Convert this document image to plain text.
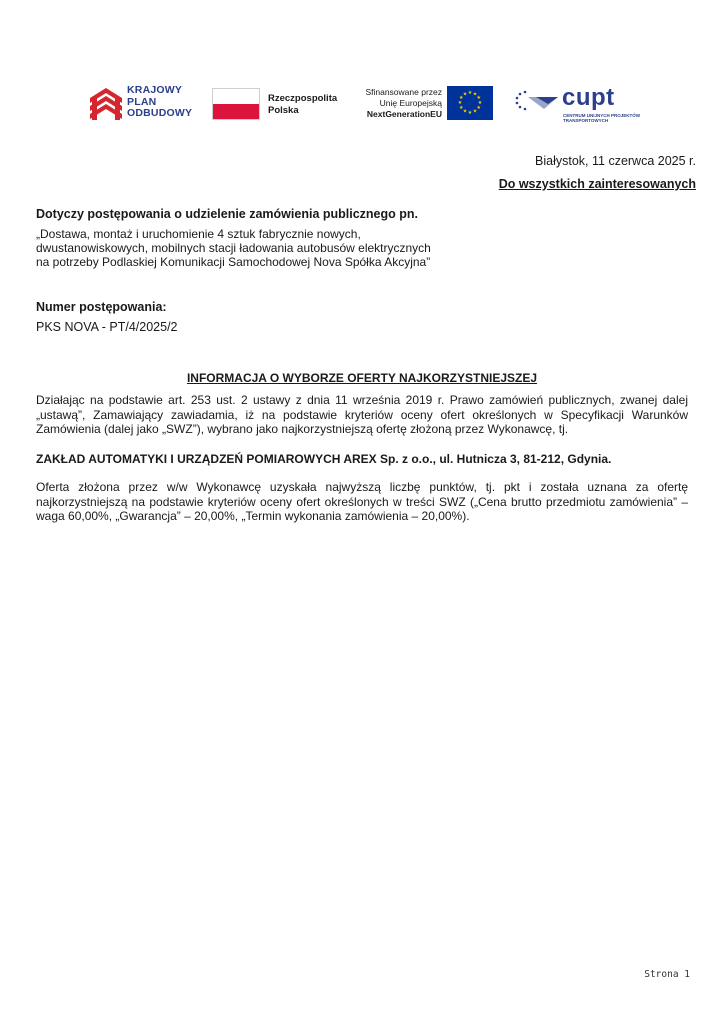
KRAJOWY
PLAN
ODBUDOWY
Rzeczpospolita
Polska
Sfinansowane przez
Unię Europejską
NextGenerationEU
★ ★
★
★
★
★
★
★
★
★
★
★	cupt
CENTRUM UNIJNYCH PROJEKTÓW TRANSPORTOWYCH
Białystok, 11 czerwca 2025 r.
Do wszystkich zainteresowanych
Dotyczy postępowania o udzielenie zamówienia publicznego pn.
„Dostawa, montaż i uruchomienie 4 sztuk fabrycznie nowych, dwustanowiskowych, mobilnych stacji ładowania autobusów elektrycznych na potrzeby Podlaskiej Komunikacji Samochodowej Nova Spółka Akcyjna”
Numer postępowania:
PKS NOVA - PT/4/2025/2
INFORMACJA O WYBORZE OFERTY NAJKORZYSTNIEJSZEJ
Działając na podstawie art. 253 ust. 2 ustawy z dnia 11 września 2019 r. Prawo zamówień publicznych, zwanej dalej „ustawą”, Zamawiający zawiadamia, iż na podstawie kryteriów oceny ofert określonych w Specyfikacji Warunków Zamówienia (dalej jako „SWZ”), wybrano jako najkorzystniejszą ofertę złożoną przez Wykonawcę, tj.
ZAKŁAD AUTOMATYKI I URZĄDZEŃ POMIAROWYCH AREX Sp. z o.o., ul. Hutnicza 3, 81-212, Gdynia.
Oferta złożona przez w/w Wykonawcę uzyskała najwyższą liczbę punktów, tj. pkt i została uznana za ofertę najkorzystniejszą na podstawie kryteriów oceny ofert określonych w treści SWZ („Cena brutto przedmiotu zamówienia” – waga 60,00%, „Gwarancja” – 20,00%, „Termin wykonania zamówienia – 20,00%).
Strona 1
